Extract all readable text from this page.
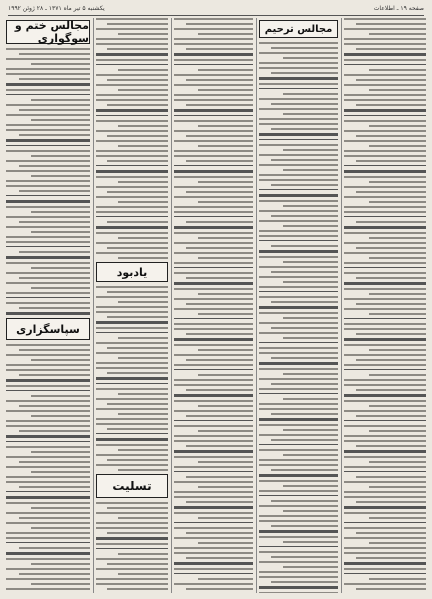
صفحه ۱۹ ـ اطلاعات
یکشنبه ۵ تیر ماه ۱۳۷۱ ـ ۲۸ ژوئن ۱۹۹۲
مجالس ختم و سوگواری
سپاسگزاری
یادبود
تسلیت
مجالس ترحیم
